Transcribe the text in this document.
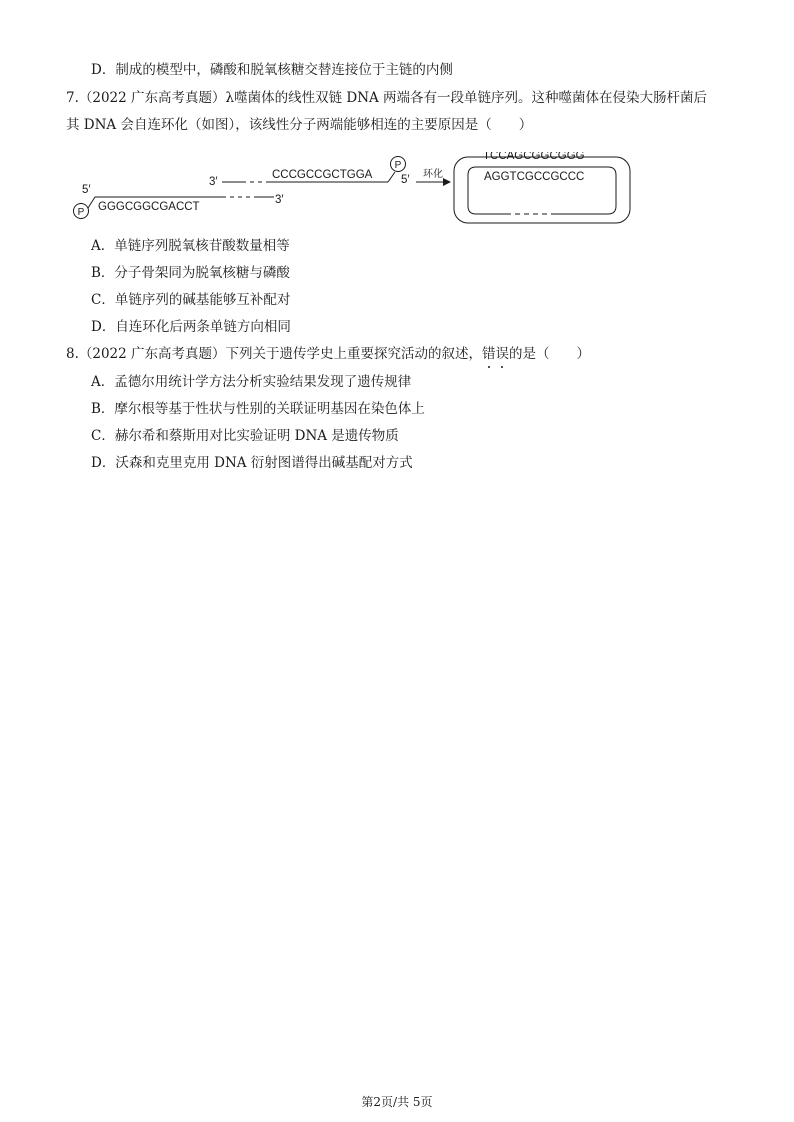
D．制成的模型中，磷酸和脱氧核糖交替连接位于主链的内侧
7.（2022 广东高考真题）λ噬菌体的线性双链 DNA 两端各有一段单链序列。这种噬菌体在侵染大肠杆菌后
其 DNA 会自连环化（如图），该线性分子两端能够相连的主要原因是（　　）
5′
P GGGCGGCGACCT
3′
3′
CCCGCCGCTGGA
P
5′ 环化
TCCAGCGGCGGG
AGGTCGCCGCCC
A．单链序列脱氧核苷酸数量相等
B．分子骨架同为脱氧核糖与磷酸
C．单链序列的碱基能够互补配对
D．自连环化后两条单链方向相同
8.（2022 广东高考真题）下列关于遗传学史上重要探究活动的叙述，错误的是（　　）
A．孟德尔用统计学方法分析实验结果发现了遗传规律
B．摩尔根等基于性状与性别的关联证明基因在染色体上
C．赫尔希和蔡斯用对比实验证明 DNA 是遗传物质
D．沃森和克里克用 DNA 衍射图谱得出碱基配对方式
第2页/共 5页
